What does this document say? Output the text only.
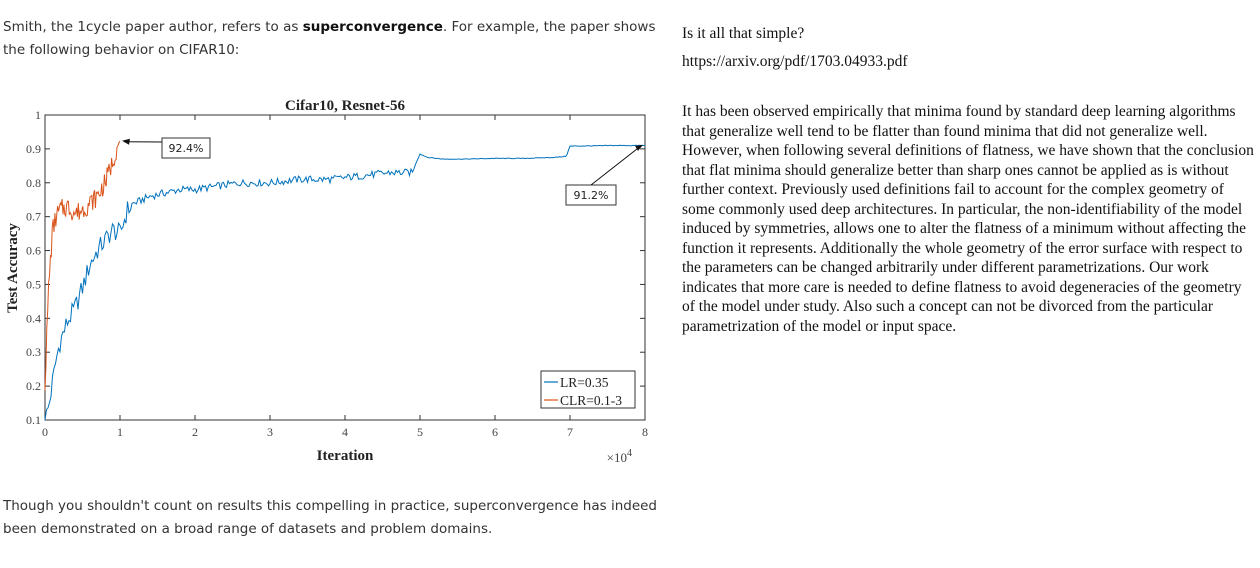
Smith, the 1cycle paper author, refers to as superconvergence. For example, the paper shows the following behavior on CIFAR10:
Cifar10, Resnet-56
0	1	2	3	4	5	6	7	8
0.1
0.2
0.3
0.4
0.5
0.6
0.7
0.8
0.9
1
92.4%
91.2%
Iteration
Test Accuracy
$\times 10^4$
LR=0.35
CLR=0.1-3
Though you shouldn't count on results this compelling in practice, superconvergence has indeed been demonstrated on a broad range of datasets and problem domains.
Is it all that simple?
https://arxiv.org/pdf/1703.04933.pdf
It has been observed empirically that minima found by standard deep learning algorithms that generalize well tend to be flatter than found minima that did not generalize well. However, when following several definitions of flatness, we have shown that the conclusion that flat minima should generalize better than sharp ones cannot be applied as is without further context. Previously used definitions fail to account for the complex geometry of some commonly used deep architectures. In particular, the non-identifiability of the model induced by symmetries, allows one to alter the flatness of a minimum without affecting the function it represents. Additionally the whole geometry of the error surface with respect to the parameters can be changed arbitrarily under different parametrizations. Our work indicates that more care is needed to define flatness to avoid degeneracies of the geometry of the model under study. Also such a concept can not be divorced from the particular parametrization of the model or input space.
